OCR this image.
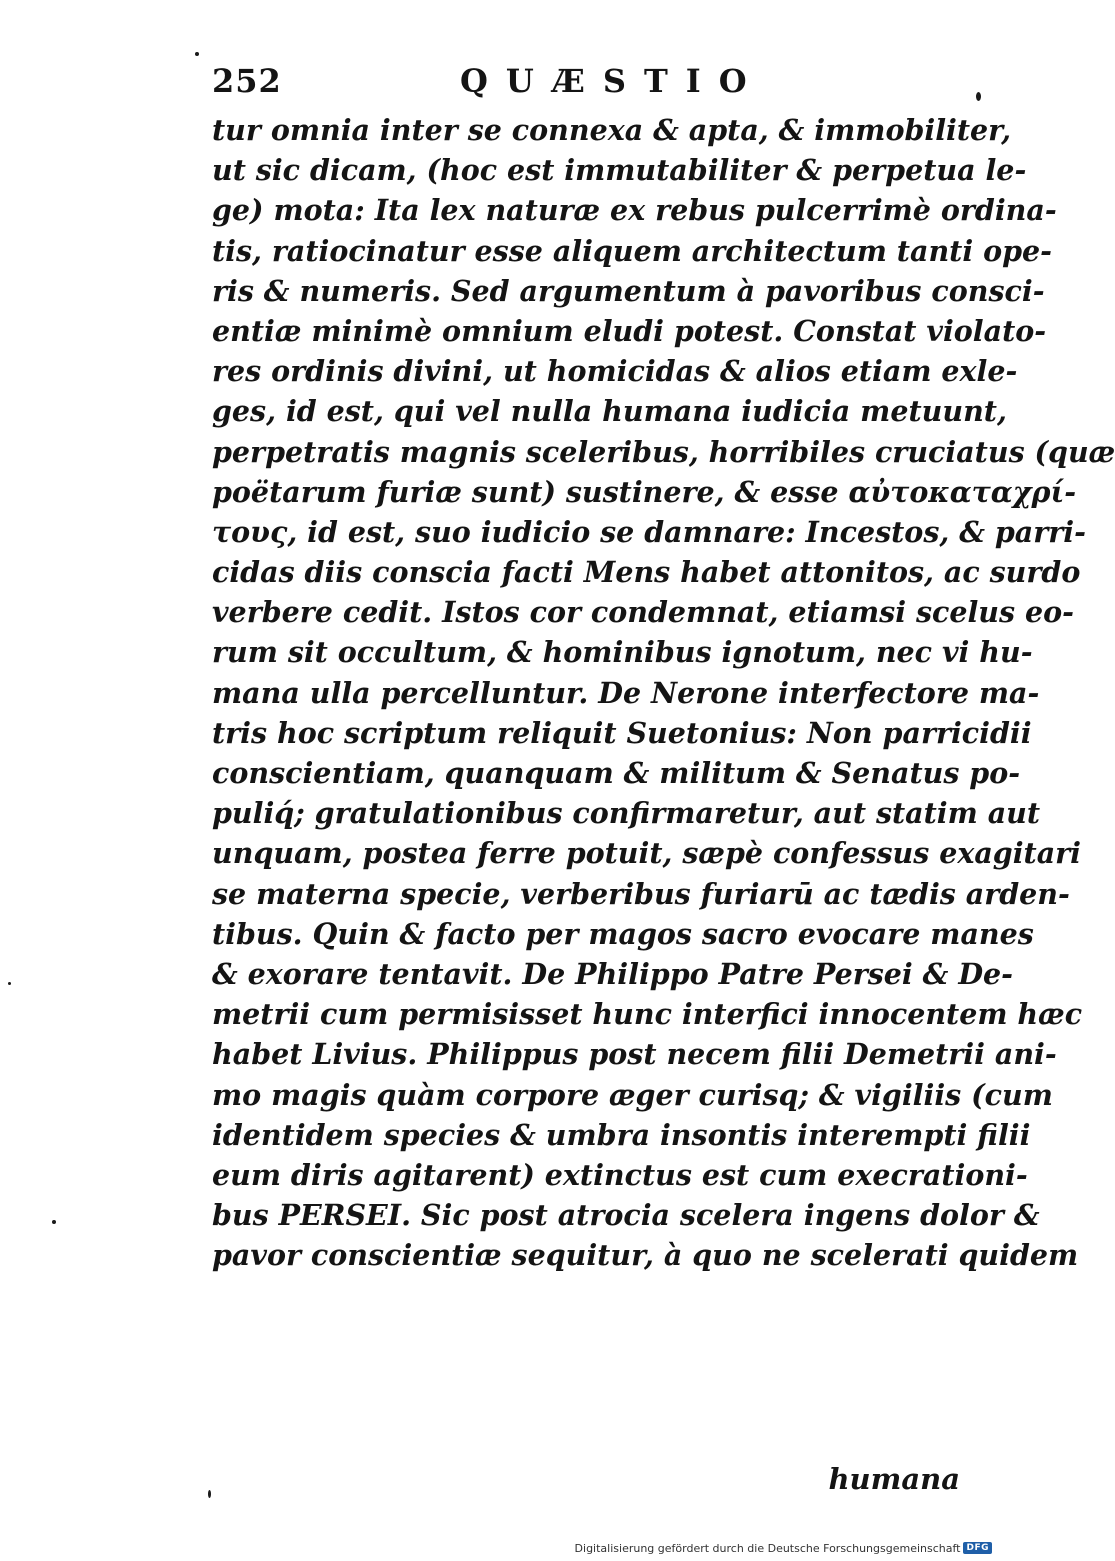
252	QUÆSTIO
tur omnia inter se connexa & apta, & immobiliter,
ut sic dicam, (hoc est immutabiliter & perpetua le-
ge) mota: Ita lex naturæ ex rebus pulcerrimè ordina-
tis, ratiocinatur esse aliquem architectum tanti ope-
ris & numeris. Sed argumentum à pavoribus consci-
entiæ minimè omnium eludi potest. Constat violato-
res ordinis divini, ut homicidas & alios etiam exle-
ges, id est, qui vel nulla humana iudicia metuunt,
perpetratis magnis sceleribus, horribiles cruciatus (quæ
poëtarum furiæ sunt) sustinere, & esse αὐτοκαταχρί-
τους, id est, suo iudicio se damnare: Incestos, & parri-
cidas diis conscia facti Mens habet attonitos, ac surdo
verbere cedit. Istos cor condemnat, etiamsi scelus eo-
rum sit occultum, & hominibus ignotum, nec vi hu-
mana ulla percelluntur. De Nerone interfectore ma-
tris hoc scriptum reliquit Suetonius: Non parricidii
conscientiam, quanquam & militum & Senatus po-
puliq́; gratulationibus confirmaretur, aut statim aut
unquam, postea ferre potuit, sæpè confessus exagitari
se materna specie, verberibus furiarū ac tædis arden-
tibus. Quin & facto per magos sacro evocare manes
& exorare tentavit. De Philippo Patre Persei & De-
metrii cum permisisset hunc interfici innocentem hæc
habet Livius. Philippus post necem filii Demetrii ani-
mo magis quàm corpore æger curisq; & vigiliis (cum
identidem species & umbra insontis interempti filii
eum diris agitarent) extinctus est cum execrationi-
bus PERSEI. Sic post atrocia scelera ingens dolor &
pavor conscientiæ sequitur, à quo ne scelerati quidem
humana
Digitalisierung gefördert durch die Deutsche Forschungsgemeinschaft DFG
